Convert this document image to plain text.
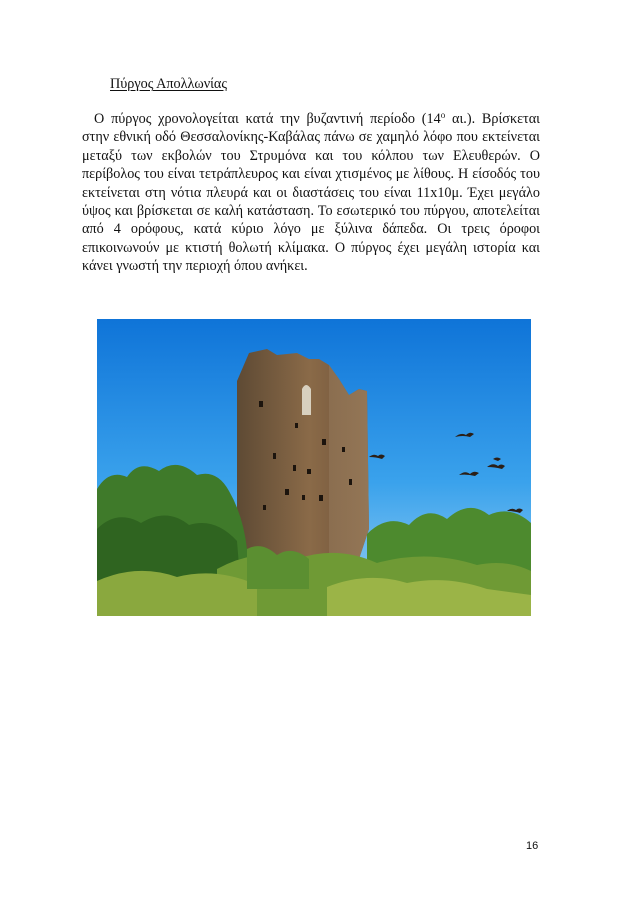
Πύργος Απολλωνίας

Ο πύργος χρονολογείται κατά την βυζαντινή περίοδο ($14^o$ αι.). Βρίσκεται στην εθνική οδό Θεσσαλονίκης-Καβάλας πάνω σε χαμηλό λόφο που εκτείνεται μεταξύ των εκβολών του Στρυμόνα και του κόλπου των Ελευθερών. Ο περίβολος του είναι τετράπλευρος και είναι χτισμένος με λίθους. Η είσοδός του εκτείνεται στη νότια πλευρά και οι διαστάσεις του είναι 11x10μ. Έχει μεγάλο ύψος και βρίσκεται σε καλή κατάσταση. Το εσωτερικό του πύργου, αποτελείται από 4 ορόφους, κατά κύριο λόγο με ξύλινα δάπεδα. Οι τρεις όροφοι επικοινωνούν με κτιστή θολωτή κλίμακα. Ο πύργος έχει μεγάλη ιστορία και κάνει γνωστή την περιοχή όπου ανήκει.

16
